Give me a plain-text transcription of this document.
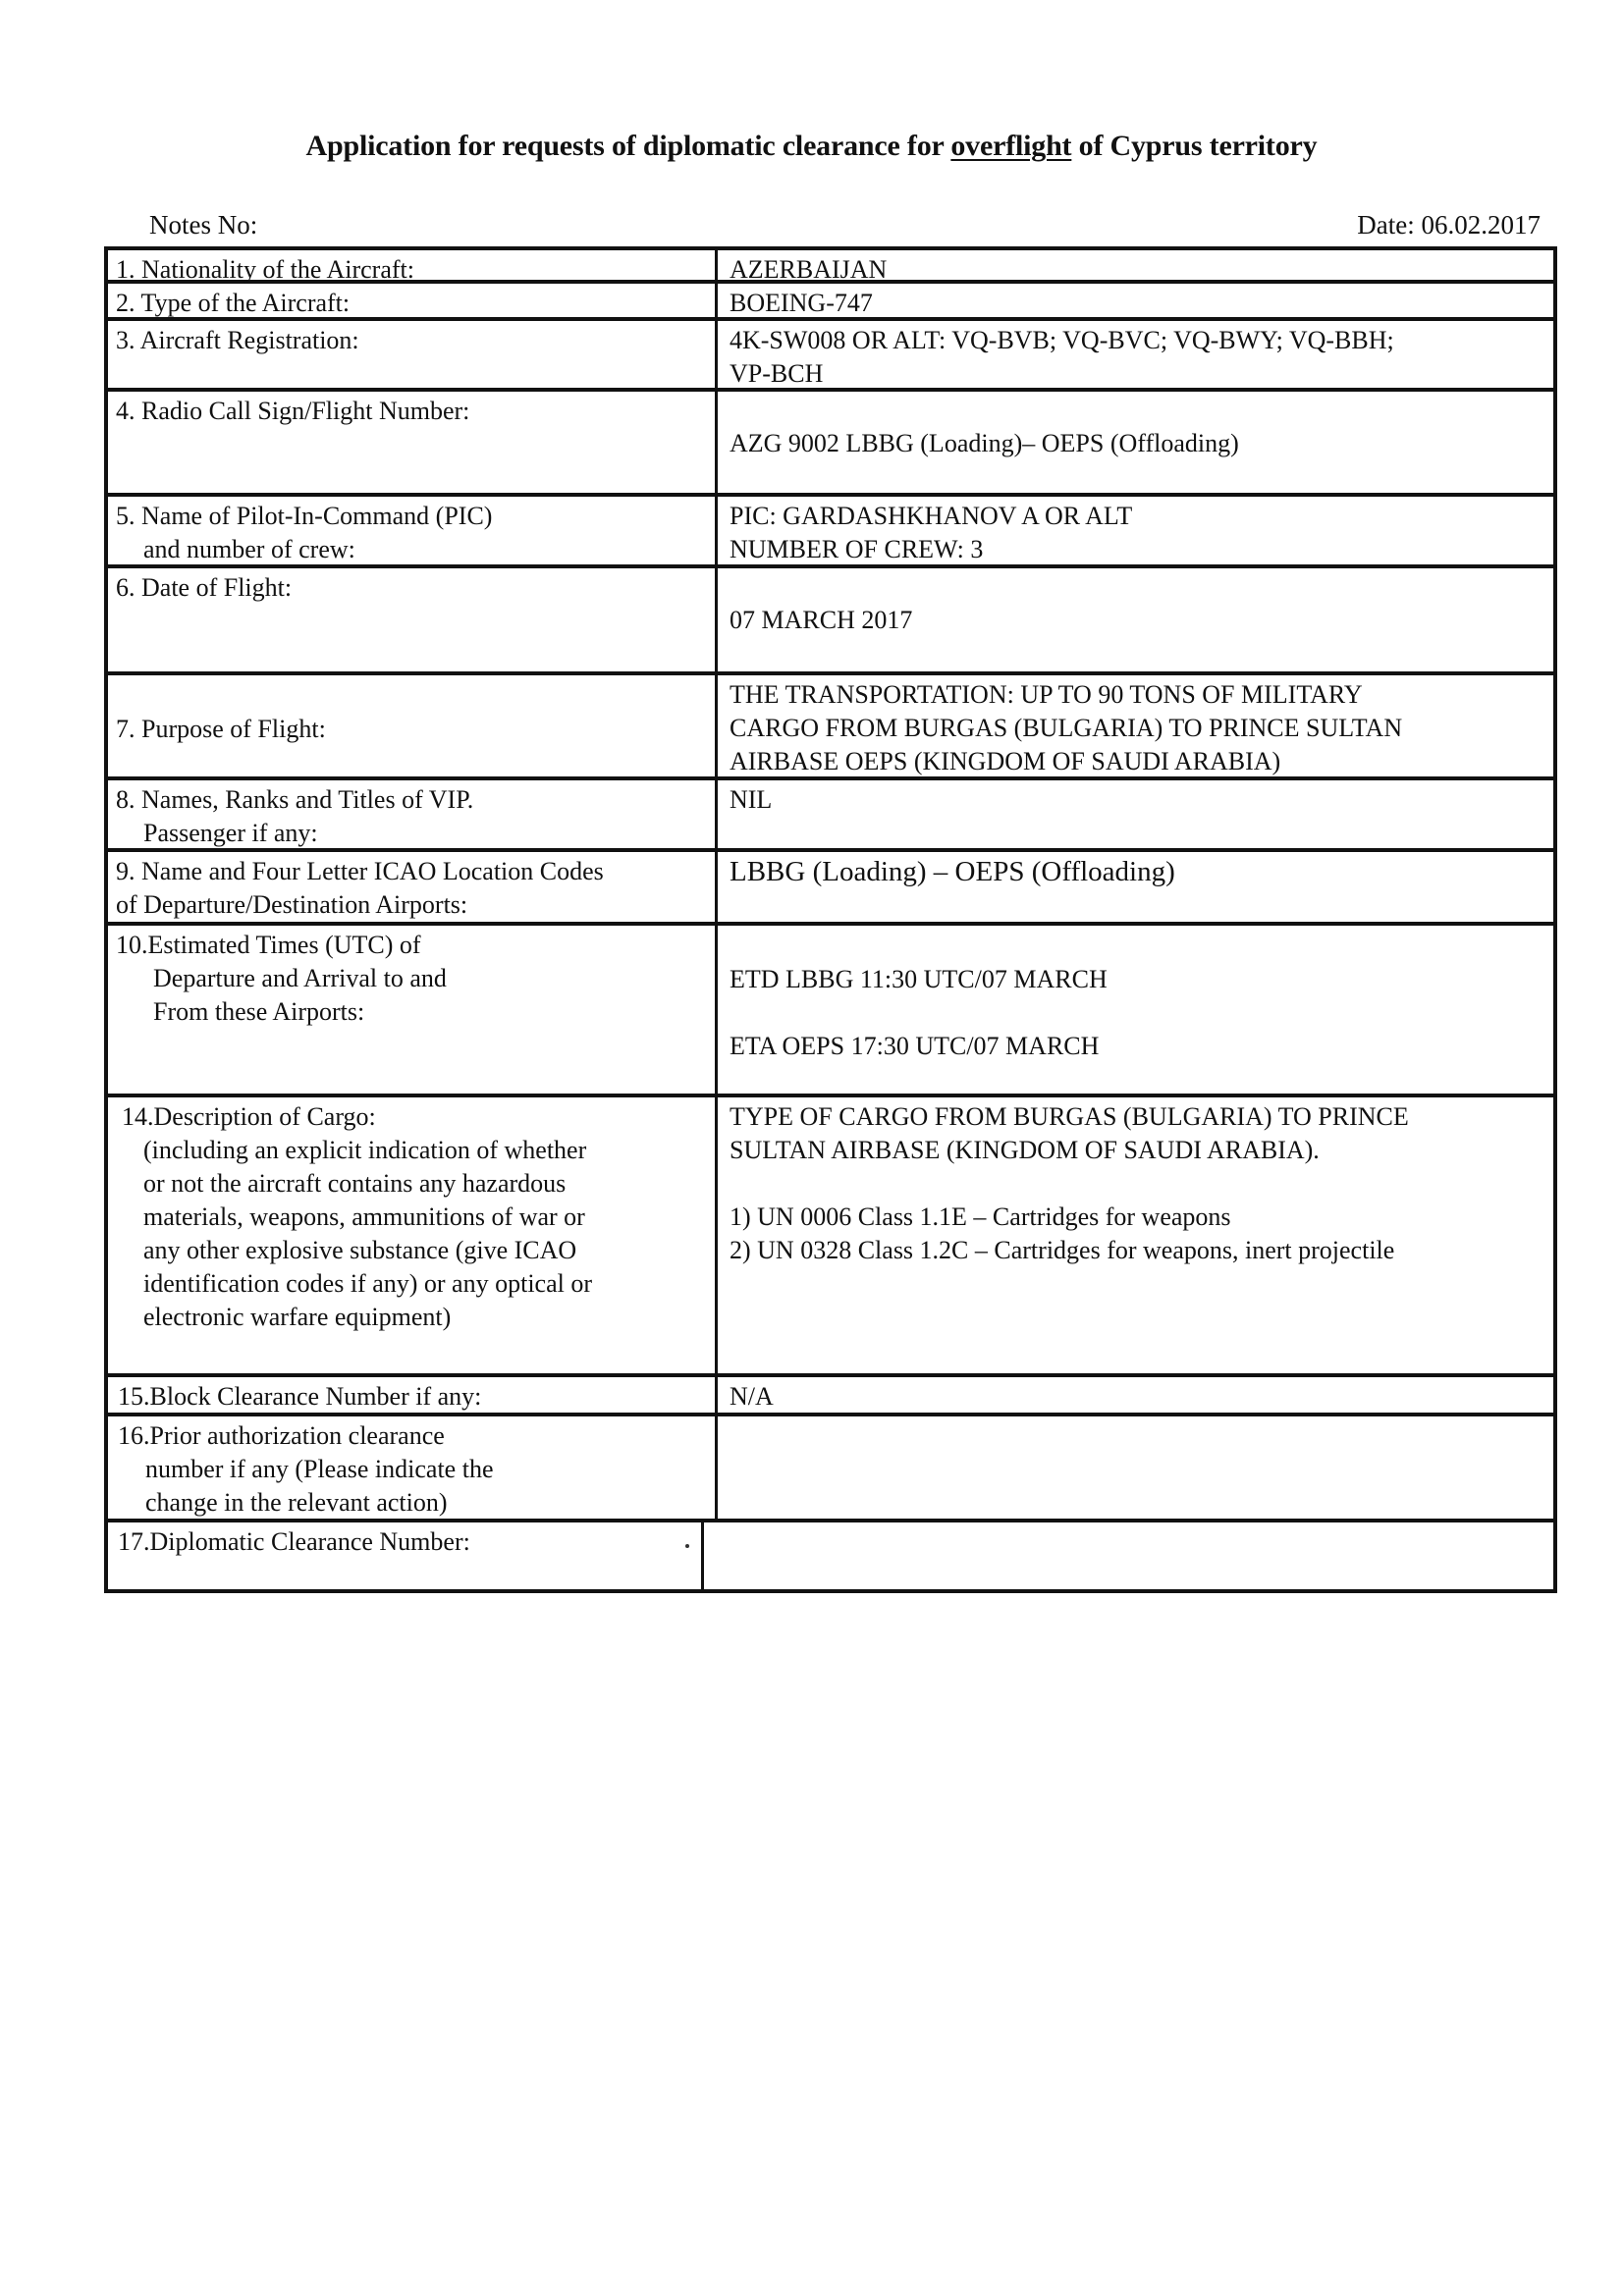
Application for requests of diplomatic clearance for overflight of Cyprus territory
Notes No:	Date: 06.02.2017
1. Nationality of the Aircraft:	AZERBAIJAN
2. Type of the Aircraft:	BOEING-747
3. Aircraft Registration:	4K-SW008 OR ALT: VQ-BVB; VQ-BVC; VQ-BWY; VQ-BBH;
VP-BCH
4. Radio Call Sign/Flight Number:
AZG 9002 LBBG (Loading)– OEPS (Offloading)
5. Name of Pilot-In-Command (PIC)
and number of crew:
PIC: GARDASHKHANOV A OR ALT
NUMBER OF CREW: 3
6. Date of Flight:
07 MARCH 2017
7. Purpose of Flight:
THE TRANSPORTATION: UP TO 90 TONS OF MILITARY
CARGO FROM BURGAS (BULGARIA) TO PRINCE SULTAN
AIRBASE OEPS (KINGDOM OF SAUDI ARABIA)
8. Names, Ranks and Titles of VIP.
Passenger if any:
NIL
9. Name and Four Letter ICAO Location Codes
of Departure/Destination Airports:
LBBG (Loading) – OEPS (Offloading)
10.Estimated Times (UTC) of
Departure and Arrival to and
From these Airports:
ETD LBBG 11:30 UTC/07 MARCH
ETA OEPS 17:30 UTC/07 MARCH
14.Description of Cargo:
(including an explicit indication of whether
or not the aircraft contains any hazardous
materials, weapons, ammunitions of war or
any other explosive substance (give ICAO
identification codes if any) or any optical or
electronic warfare equipment)
TYPE OF CARGO FROM BURGAS (BULGARIA) TO PRINCE
SULTAN AIRBASE (KINGDOM OF SAUDI ARABIA).
1) UN 0006 Class 1.1E – Cartridges for weapons
2) UN 0328 Class 1.2C – Cartridges for weapons, inert projectile
15.Block Clearance Number if any:	N/A
16.Prior authorization clearance
number if any (Please indicate the
change in the relevant action)
17.Diplomatic Clearance Number:
